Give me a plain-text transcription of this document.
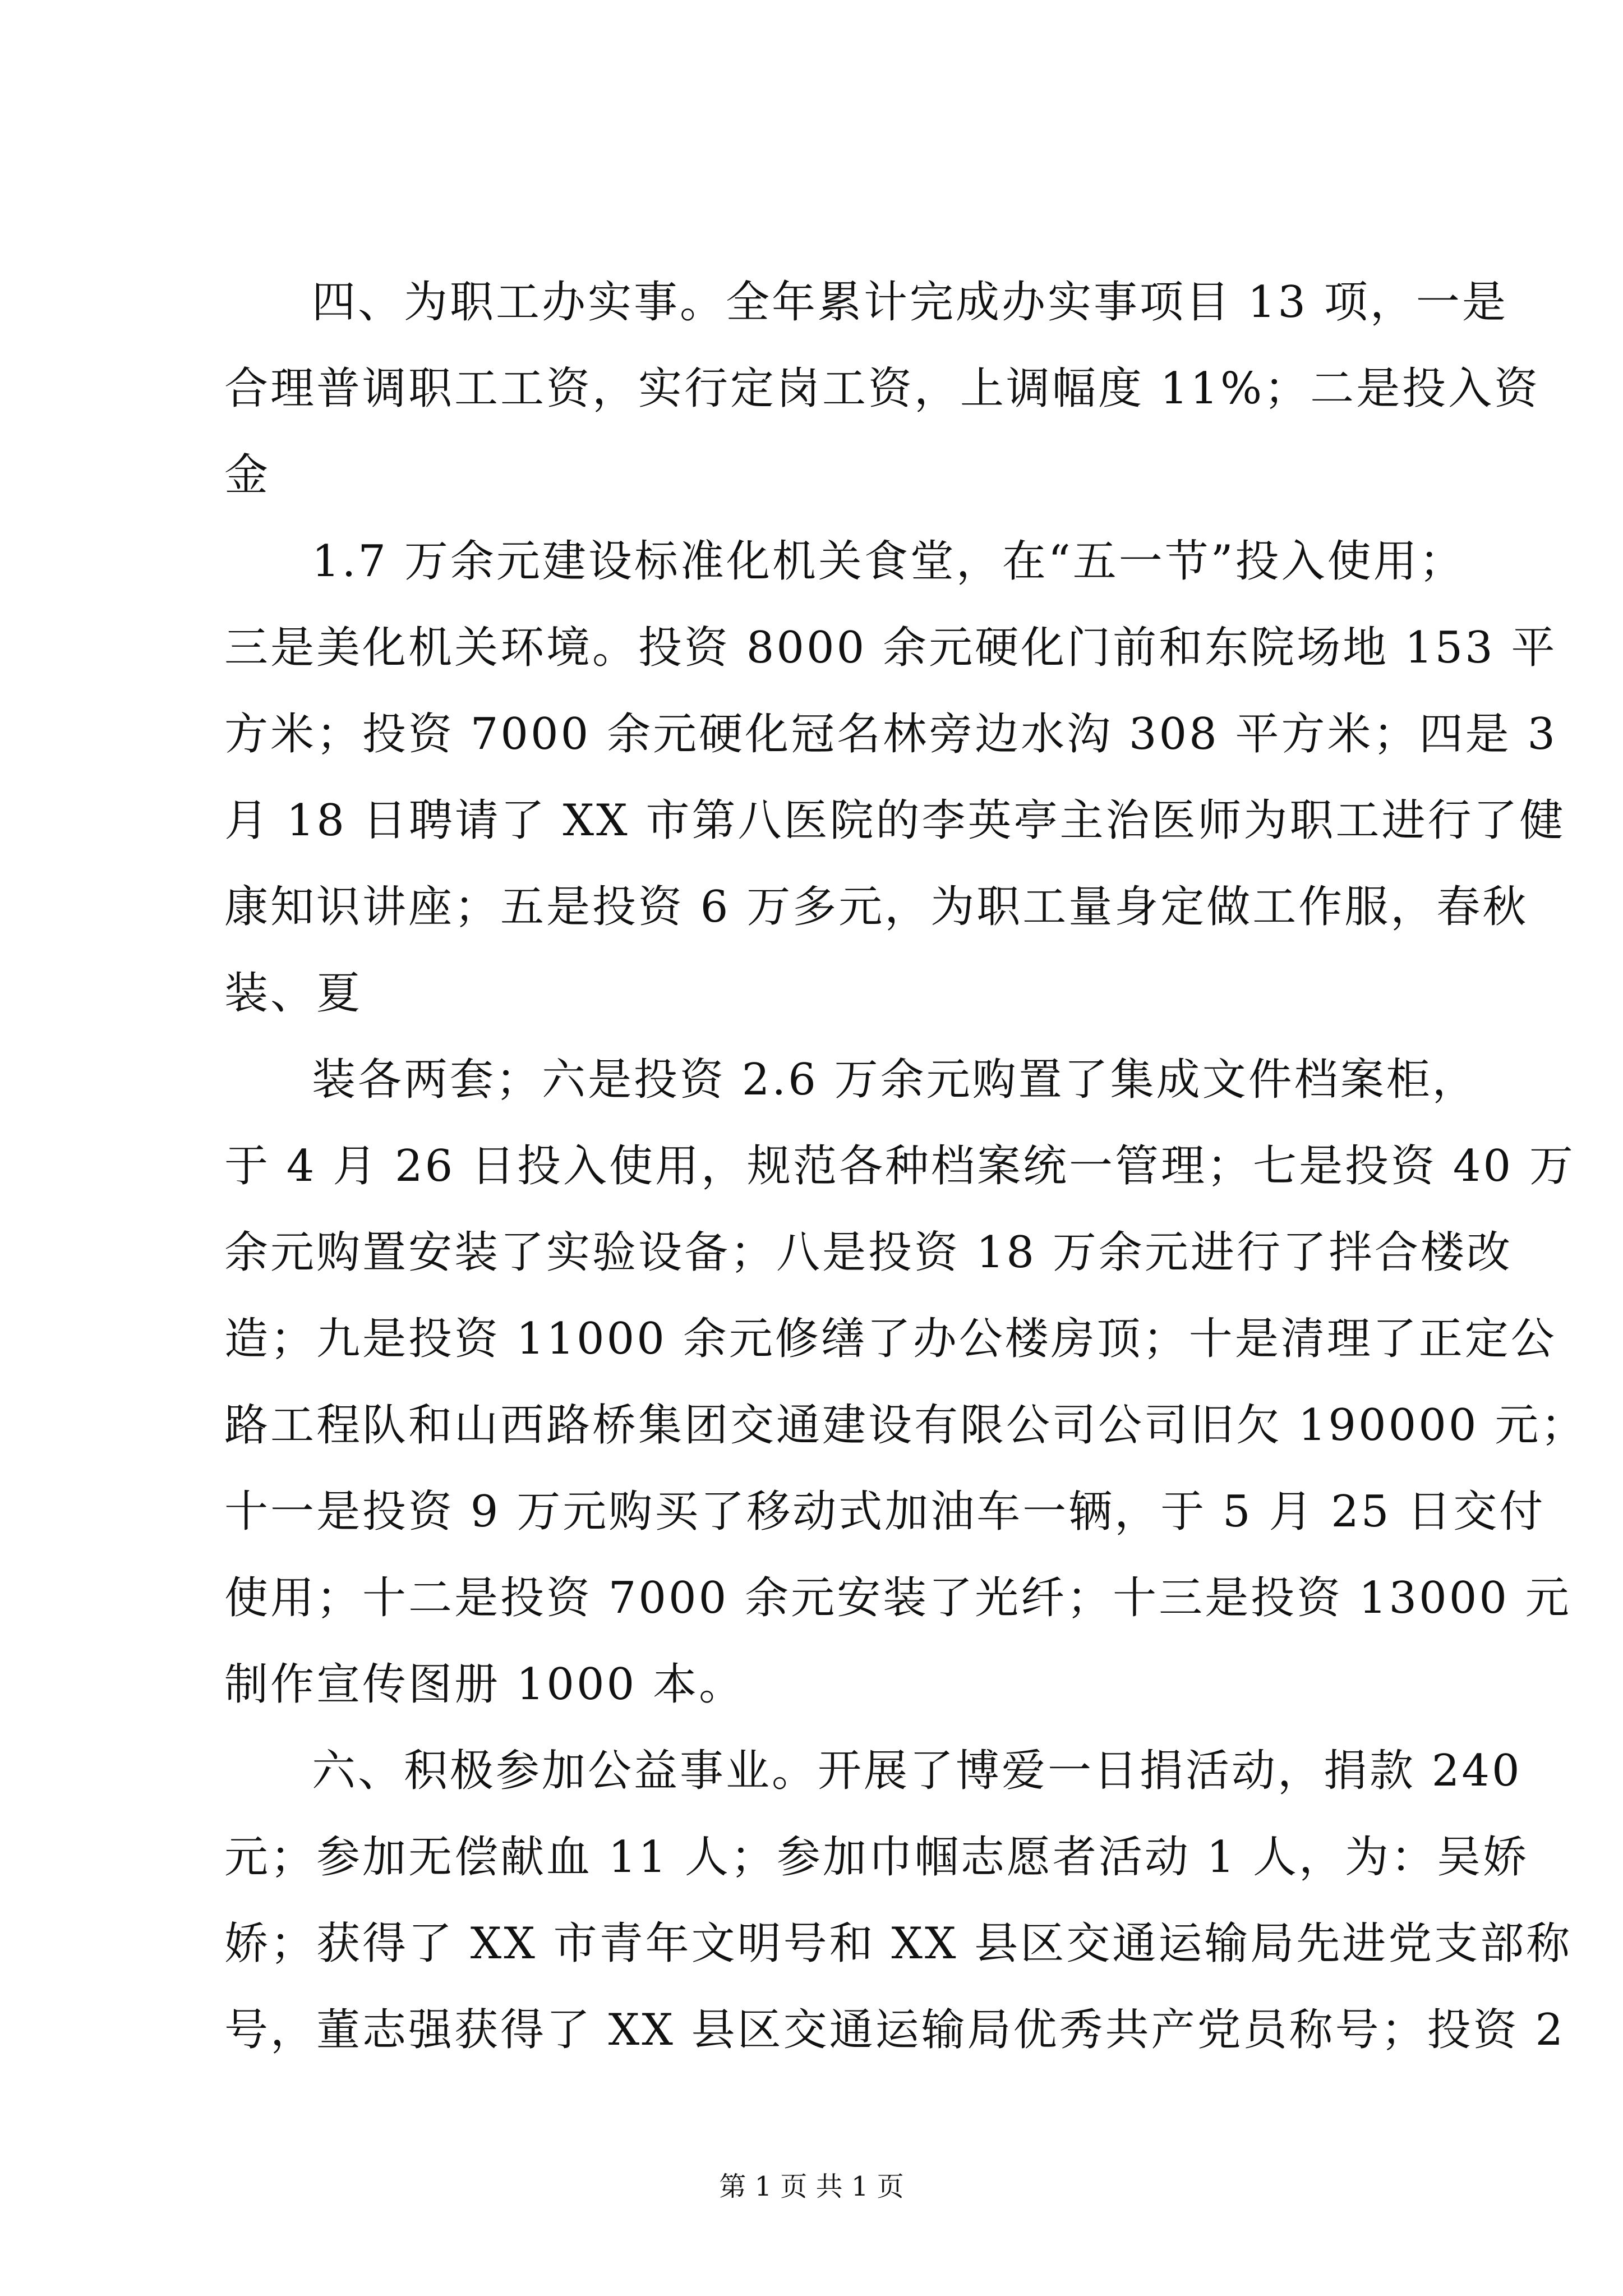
四、为职工办实事。全年累计完成办实事项目 13 项，一是
合理普调职工工资，实行定岗工资，上调幅度 11%；二是投入资
金
1.7 万余元建设标准化机关食堂，在“五一节”投入使用；
三是美化机关环境。投资 8000 余元硬化门前和东院场地 153 平
方米；投资 7000 余元硬化冠名林旁边水沟 308 平方米；四是 3
月 18 日聘请了 XX 市第八医院的李英亭主治医师为职工进行了健
康知识讲座；五是投资 6 万多元，为职工量身定做工作服，春秋
装、夏
装各两套；六是投资 2.6 万余元购置了集成文件档案柜，
于 4 月 26 日投入使用，规范各种档案统一管理；七是投资 40 万
余元购置安装了实验设备；八是投资 18 万余元进行了拌合楼改
造；九是投资 11000 余元修缮了办公楼房顶；十是清理了正定公
路工程队和山西路桥集团交通建设有限公司公司旧欠 190000 元；
十一是投资 9 万元购买了移动式加油车一辆，于 5 月 25 日交付
使用；十二是投资 7000 余元安装了光纤；十三是投资 13000 元
制作宣传图册 1000 本。
六、积极参加公益事业。开展了博爱一日捐活动，捐款 240
元；参加无偿献血 11 人；参加巾帼志愿者活动 1 人，为：吴娇
娇；获得了 XX 市青年文明号和 XX 县区交通运输局先进党支部称
号，董志强获得了 XX 县区交通运输局优秀共产党员称号；投资 2
第 1 页 共 1 页
